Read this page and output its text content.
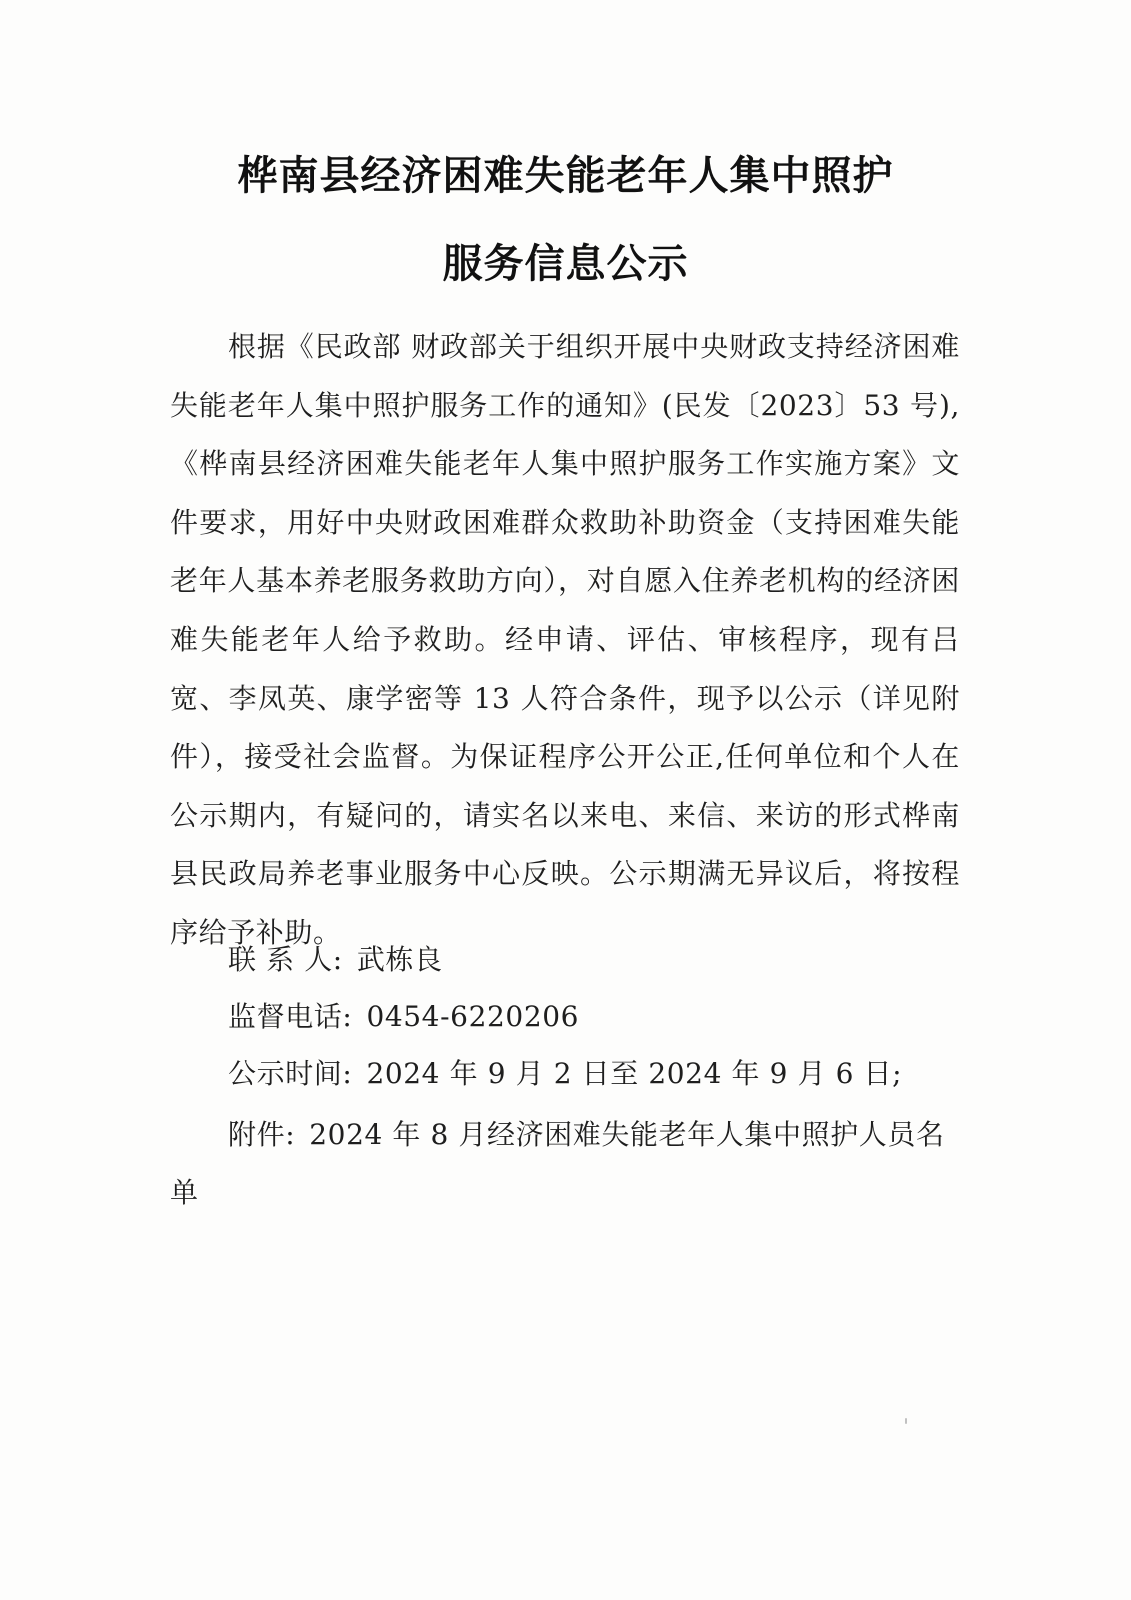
桦南县经济困难失能老年人集中照护
服务信息公示
根据《民政部 财政部关于组织开展中央财政支持经济困难失能老年人集中照护服务工作的通知》(民发〔2023〕53 号),《桦南县经济困难失能老年人集中照护服务工作实施方案》文件要求，用好中央财政困难群众救助补助资金（支持困难失能老年人基本养老服务救助方向），对自愿入住养老机构的经济困难失能老年人给予救助。经申请、评估、审核程序，现有吕宽、李凤英、康学密等 13 人符合条件，现予以公示（详见附件），接受社会监督。为保证程序公开公正,任何单位和个人在公示期内，有疑问的，请实名以来电、来信、来访的形式桦南县民政局养老事业服务中心反映。公示期满无异议后，将按程序给予补助。
联 系 人: 武栋良
监督电话: 0454-6220206
公示时间: 2024 年 9 月 2 日至 2024 年 9 月 6 日;
附件: 2024 年 8 月经济困难失能老年人集中照护人员名单
